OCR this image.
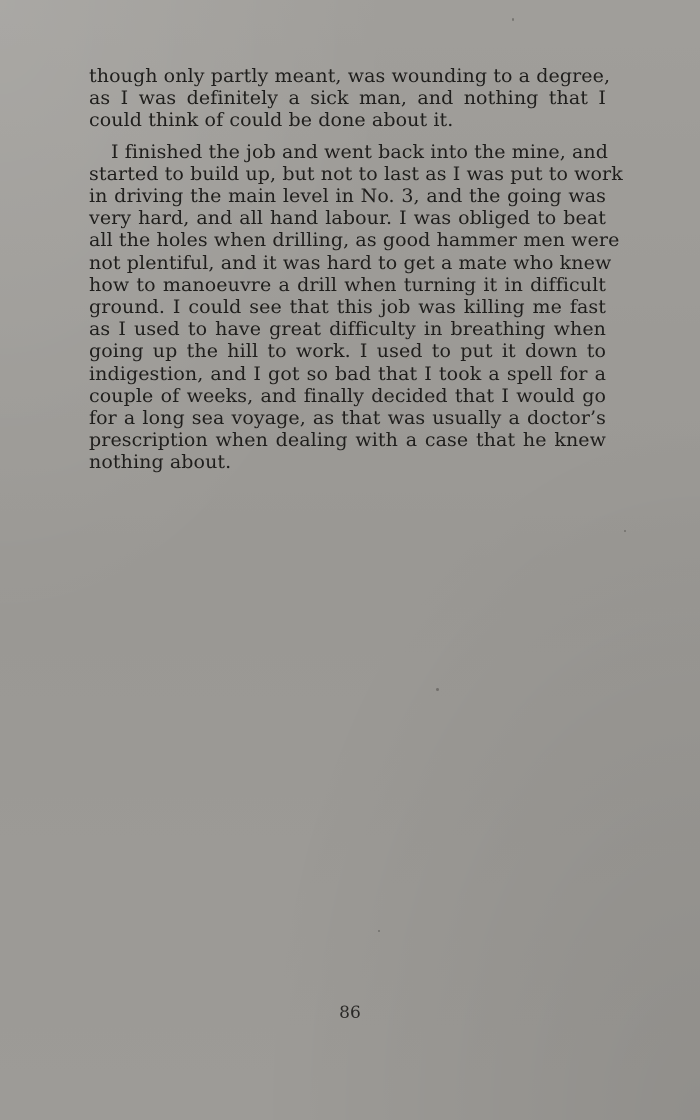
though only partly meant, was wounding to a degree,
as I was definitely a sick man, and nothing that I
could think of could be done about it.
I finished the job and went back into the mine, and
started to build up, but not to last as I was put to work
in driving the main level in No. 3, and the going was
very hard, and all hand labour. I was obliged to beat
all the holes when drilling, as good hammer men were
not plentiful, and it was hard to get a mate who knew
how to manoeuvre a drill when turning it in difficult
ground. I could see that this job was killing me fast
as I used to have great difficulty in breathing when
going up the hill to work. I used to put it down to
indigestion, and I got so bad that I took a spell for a
couple of weeks, and finally decided that I would go
for a long sea voyage, as that was usually a doctor’s
prescription when dealing with a case that he knew
nothing about.
86
